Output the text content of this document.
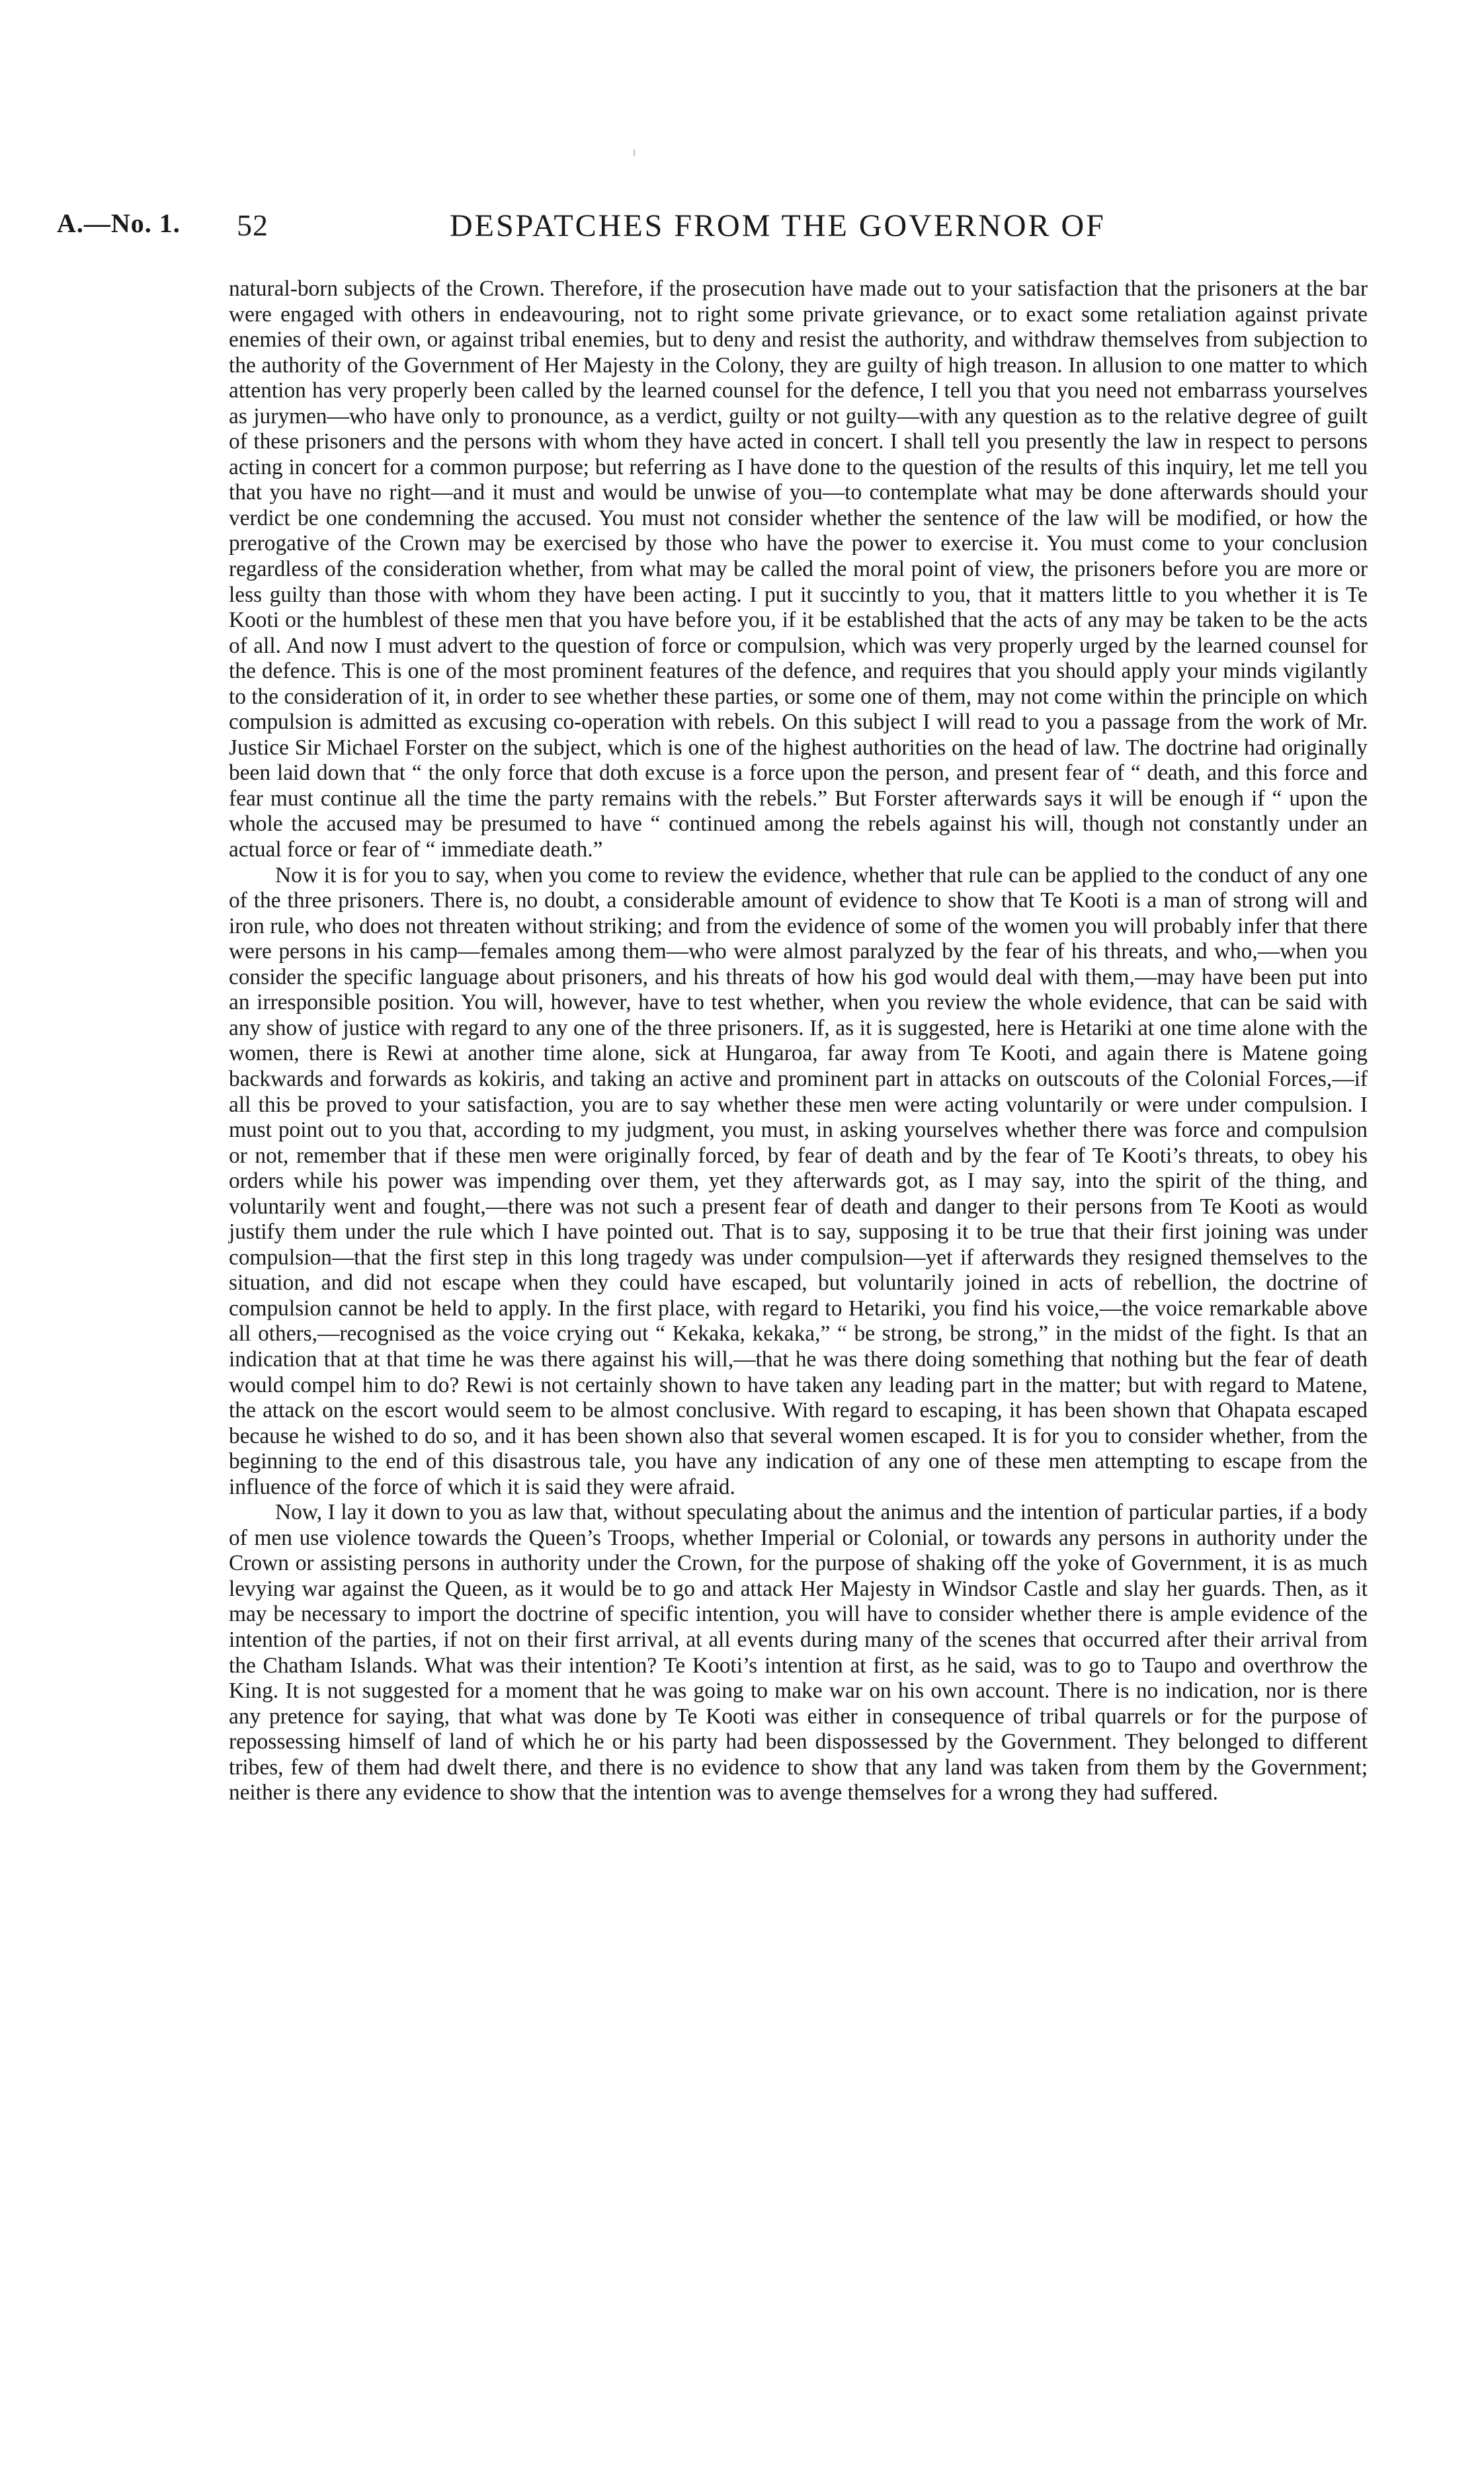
A.—No. 1. 52	DESPATCHES FROM THE GOVERNOR OF

natural-born subjects of the Crown. Therefore, if the prosecution have made out to your satisfaction that the prisoners at the bar were engaged with others in endeavouring, not to right some private grievance, or to exact some retaliation against private enemies of their own, or against tribal enemies, but to deny and resist the authority, and withdraw themselves from subjection to the authority of the Government of Her Majesty in the Colony, they are guilty of high treason. In allusion to one matter to which attention has very properly been called by the learned counsel for the defence, I tell you that you need not embarrass yourselves as jurymen—who have only to pronounce, as a verdict, guilty or not guilty—with any question as to the relative degree of guilt of these prisoners and the persons with whom they have acted in concert. I shall tell you presently the law in respect to persons acting in concert for a common purpose; but referring as I have done to the question of the results of this inquiry, let me tell you that you have no right—and it must and would be unwise of you—to contemplate what may be done afterwards should your verdict be one condemning the accused. You must not consider whether the sentence of the law will be modified, or how the prerogative of the Crown may be exercised by those who have the power to exercise it. You must come to your conclusion regardless of the consideration whether, from what may be called the moral point of view, the prisoners before you are more or less guilty than those with whom they have been acting. I put it succintly to you, that it matters little to you whether it is Te Kooti or the humblest of these men that you have before you, if it be established that the acts of any may be taken to be the acts of all. And now I must advert to the question of force or compulsion, which was very properly urged by the learned counsel for the defence. This is one of the most prominent features of the defence, and requires that you should apply your minds vigilantly to the consideration of it, in order to see whether these parties, or some one of them, may not come within the principle on which compulsion is admitted as excusing co-operation with rebels. On this subject I will read to you a passage from the work of Mr. Justice Sir Michael Forster on the subject, which is one of the highest authorities on the head of law. The doctrine had originally been laid down that “ the only force that doth excuse is a force upon the person, and present fear of “ death, and this force and fear must continue all the time the party remains with the rebels.” But Forster afterwards says it will be enough if “ upon the whole the accused may be presumed to have “ continued among the rebels against his will, though not constantly under an actual force or fear of “ immediate death.”

Now it is for you to say, when you come to review the evidence, whether that rule can be applied to the conduct of any one of the three prisoners. There is, no doubt, a considerable amount of evidence to show that Te Kooti is a man of strong will and iron rule, who does not threaten without striking; and from the evidence of some of the women you will probably infer that there were persons in his camp—females among them—who were almost paralyzed by the fear of his threats, and who,—when you consider the specific language about prisoners, and his threats of how his god would deal with them,—may have been put into an irresponsible position. You will, however, have to test whether, when you review the whole evidence, that can be said with any show of justice with regard to any one of the three prisoners. If, as it is suggested, here is Hetariki at one time alone with the women, there is Rewi at another time alone, sick at Hungaroa, far away from Te Kooti, and again there is Matene going backwards and forwards as kokiris, and taking an active and prominent part in attacks on outscouts of the Colonial Forces,—if all this be proved to your satisfaction, you are to say whether these men were acting voluntarily or were under compulsion. I must point out to you that, according to my judgment, you must, in asking yourselves whether there was force and compulsion or not, remember that if these men were originally forced, by fear of death and by the fear of Te Kooti’s threats, to obey his orders while his power was impending over them, yet they afterwards got, as I may say, into the spirit of the thing, and voluntarily went and fought,—there was not such a present fear of death and danger to their persons from Te Kooti as would justify them under the rule which I have pointed out. That is to say, supposing it to be true that their first joining was under compulsion—that the first step in this long tragedy was under compulsion—yet if afterwards they resigned themselves to the situation, and did not escape when they could have escaped, but voluntarily joined in acts of rebellion, the doctrine of compulsion cannot be held to apply. In the first place, with regard to Hetariki, you find his voice,—the voice remarkable above all others,—recognised as the voice crying out “ Kekaka, kekaka,” “ be strong, be strong,” in the midst of the fight. Is that an indication that at that time he was there against his will,—that he was there doing something that nothing but the fear of death would compel him to do? Rewi is not certainly shown to have taken any leading part in the matter; but with regard to Matene, the attack on the escort would seem to be almost conclusive. With regard to escaping, it has been shown that Ohapata escaped because he wished to do so, and it has been shown also that several women escaped. It is for you to consider whether, from the beginning to the end of this disastrous tale, you have any indication of any one of these men attempting to escape from the influence of the force of which it is said they were afraid.

Now, I lay it down to you as law that, without speculating about the animus and the intention of particular parties, if a body of men use violence towards the Queen’s Troops, whether Imperial or Colonial, or towards any persons in authority under the Crown or assisting persons in authority under the Crown, for the purpose of shaking off the yoke of Government, it is as much levying war against the Queen, as it would be to go and attack Her Majesty in Windsor Castle and slay her guards. Then, as it may be necessary to import the doctrine of specific intention, you will have to consider whether there is ample evidence of the intention of the parties, if not on their first arrival, at all events during many of the scenes that occurred after their arrival from the Chatham Islands. What was their intention? Te Kooti’s intention at first, as he said, was to go to Taupo and overthrow the King. It is not suggested for a moment that he was going to make war on his own account. There is no indication, nor is there any pretence for saying, that what was done by Te Kooti was either in consequence of tribal quarrels or for the purpose of repossessing himself of land of which he or his party had been dispossessed by the Government. They belonged to different tribes, few of them had dwelt there, and there is no evidence to show that any land was taken from them by the Government; neither is there any evidence to show that the intention was to avenge themselves for a wrong they had suffered.
